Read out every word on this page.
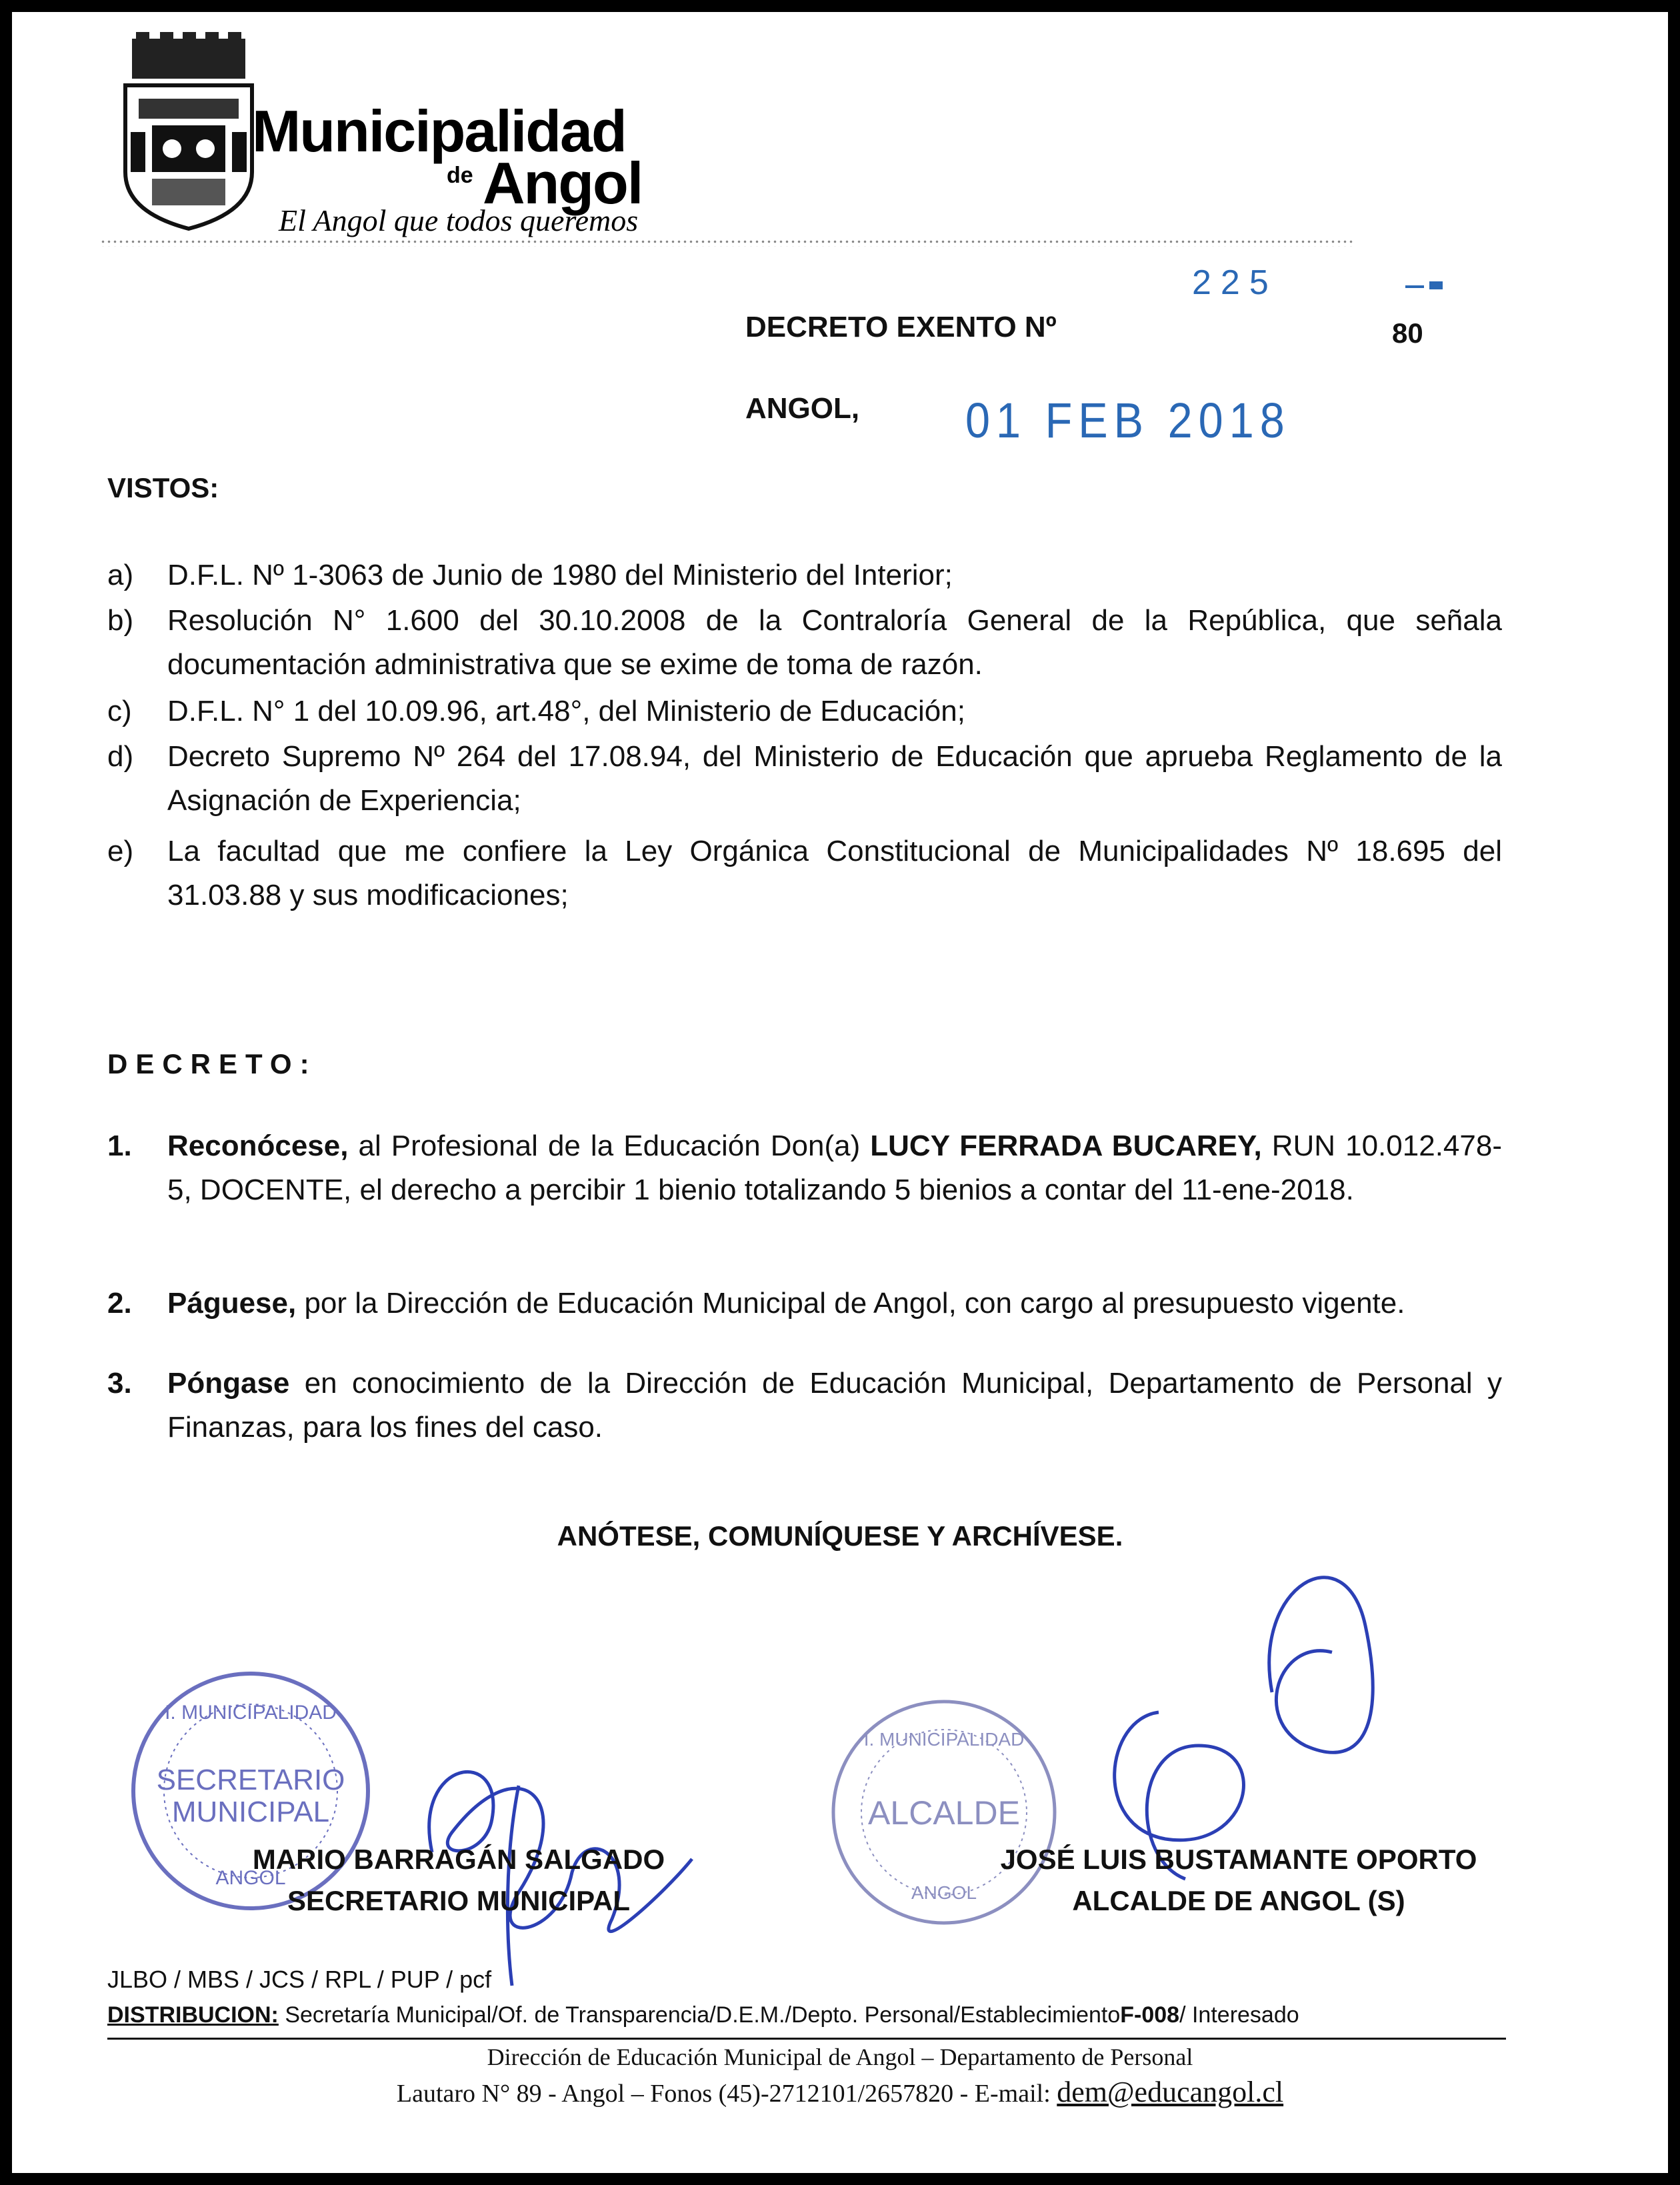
Municipalidad
de Angol
El Angol que todos queremos
225
DECRETO EXENTO Nº	80
ANGOL, 01 FEB 2018
VISTOS:
a) D.F.L. Nº 1-3063 de Junio de 1980 del Ministerio del Interior;
b) Resolución N° 1.600 del 30.10.2008 de la Contraloría General de la República, que señala documentación administrativa que se exime de toma de razón.
c) D.F.L. N° 1 del 10.09.96, art.48°, del Ministerio de Educación;
d) Decreto Supremo Nº 264 del 17.08.94, del Ministerio de Educación que aprueba Reglamento de la Asignación de Experiencia;
e) La facultad que me confiere la Ley Orgánica Constitucional de Municipalidades Nº 18.695 del 31.03.88 y sus modificaciones;
DECRETO:
1. Reconócese, al Profesional de la Educación Don(a) LUCY FERRADA BUCAREY, RUN 10.012.478-5, DOCENTE, el derecho a percibir 1 bienio totalizando 5 bienios a contar del 11-ene-2018.
2. Páguese, por la Dirección de Educación Municipal de Angol, con cargo al presupuesto vigente.
3. Póngase en conocimiento de la Dirección de Educación Municipal, Departamento de Personal y Finanzas, para los fines del caso.
ANÓTESE, COMUNÍQUESE Y ARCHÍVESE.
I. MUNICIPALIDAD
SECRETARIO
MUNICIPAL
ANGOL
I. MUNICIPALIDAD
ALCALDE
ANGOL
MARIO BARRAGÁN SALGADO
SECRETARIO MUNICIPAL
JOSÉ LUIS BUSTAMANTE OPORTO
ALCALDE DE ANGOL (S)
JLBO / MBS / JCS / RPL / PUP / pcf
DISTRIBUCION: Secretaría Municipal/Of. de Transparencia/D.E.M./Depto. Personal/EstablecimientoF-008/ Interesado
Dirección de Educación Municipal de Angol – Departamento de Personal
Lautaro N° 89 - Angol – Fonos (45)-2712101/2657820 - E-mail: dem@educangol.cl
